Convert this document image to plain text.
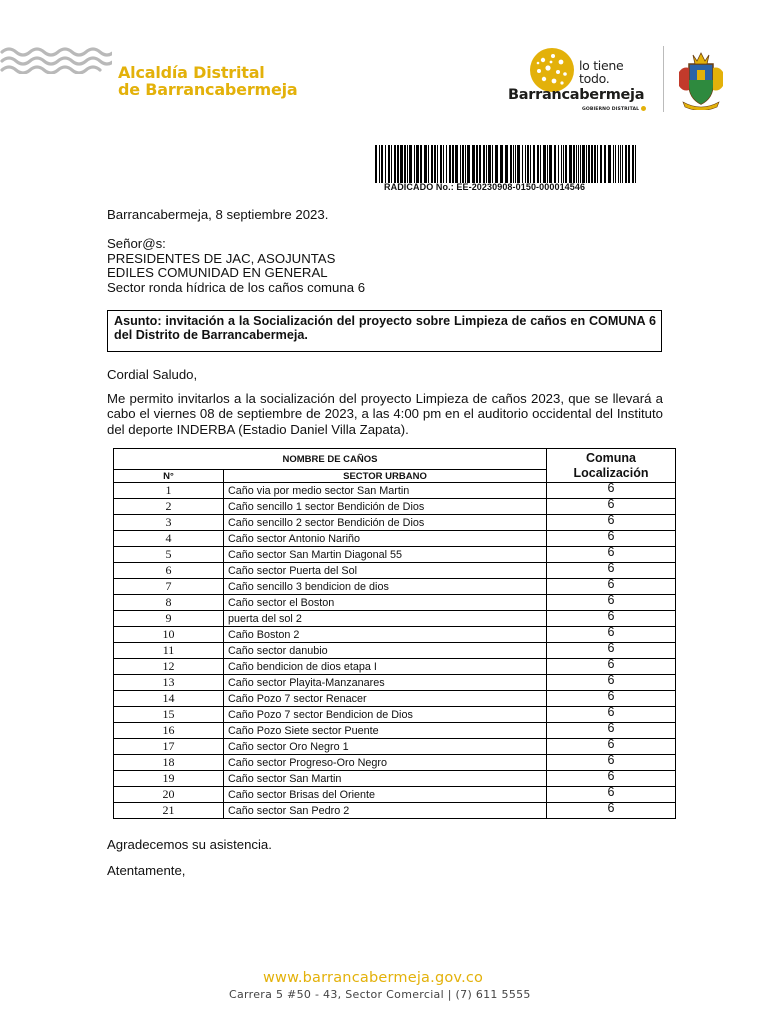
Alcaldía Distrital
de Barrancabermeja
lo tiene
todo.
Barrancabermeja
GOBIERNO DISTRITAL
RADICADO No.: EE-20230908-0150-000014546
Barrancabermeja, 8 septiembre 2023.
Señor@s:
PRESIDENTES DE JAC, ASOJUNTAS
EDILES COMUNIDAD EN GENERAL
Sector ronda hídrica de los caños comuna 6
Asunto: invitación a la Socialización del proyecto sobre Limpieza de caños en COMUNA 6 del Distrito de Barrancabermeja.
Cordial Saludo,
Me permito invitarlos a la socialización del proyecto Limpieza de caños 2023, que se llevará a cabo el viernes 08 de septiembre de 2023, a las 4:00 pm en el auditorio occidental del Instituto del deporte INDERBA (Estadio Daniel Villa Zapata).
NOMBRE DE CAÑOS		Comuna
Localización

N°	SECTOR URBANO	
1	Caño via por medio sector San Martin	6
2	Caño sencillo 1 sector Bendición de Dios	6
3	Caño sencillo 2 sector Bendición de Dios	6
4	Caño sector Antonio Nariño	6
5	Caño sector San Martin Diagonal 55	6
6	Caño sector Puerta del Sol	6
7	Caño sencillo 3 bendicion de dios	6
8	Caño sector el Boston	6
9	puerta del sol 2	6
10	Caño Boston 2	6
11	Caño sector danubio	6
12	Caño bendicion de dios etapa I	6
13	Caño sector Playita-Manzanares	6
14	Caño Pozo 7 sector Renacer	6
15	Caño Pozo 7 sector Bendicion de Dios	6
16	Caño Pozo Siete sector Puente	6
17	Caño sector Oro Negro 1	6
18	Caño sector Progreso-Oro Negro	6
19	Caño sector San Martin	6
20	Caño sector Brisas del Oriente	6
21	Caño sector San Pedro 2	6
Agradecemos su asistencia.
Atentamente,
www.barrancabermeja.gov.co
Carrera 5 #50 - 43, Sector Comercial | (7) 611 5555
